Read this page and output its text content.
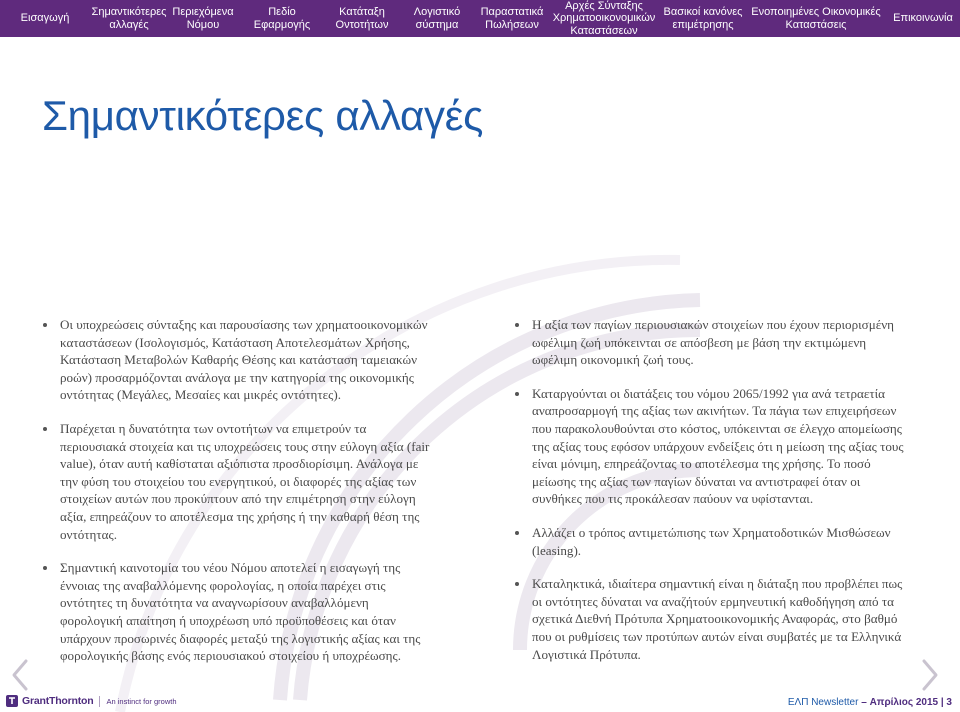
Εισαγωγή
Σημαντικότερες αλλαγές
Περιεχόμενα Νόμου
Πεδίο Εφαρμογής
Κατάταξη Οντοτήτων
Λογιστικό σύστημα
Παραστατικά Πωλήσεων
Αρχές Σύνταξης Χρηματοοικονομικών Καταστάσεων
Βασικοί κανόνες επιμέτρησης
Ενοποιημένες Οικονομικές Καταστάσεις
Επικοινωνία
Σημαντικότερες αλλαγές

Οι υποχρεώσεις σύνταξης και παρουσίασης των χρηματοοικονομικών καταστάσεων (Ισολογισμός, Κατάσταση Αποτελεσμάτων Χρήσης, Κατάσταση Μεταβολών Καθαρής Θέσης και κατάσταση ταμειακών ροών) προσαρμόζονται ανάλογα με την κατηγορία της οικονομικής οντότητας (Μεγάλες, Μεσαίες και μικρές οντότητες).

Παρέχεται η δυνατότητα των οντοτήτων να επιμετρούν τα περιουσιακά στοιχεία και τις υποχρεώσεις τους στην εύλογη αξία (fair value), όταν αυτή καθίσταται αξιόπιστα προσδιορίσιμη. Ανάλογα με την φύση του στοιχείου του ενεργητικού, οι διαφορές της αξίας των στοιχείων αυτών που προκύπτουν από την επιμέτρηση στην εύλογη αξία, επηρεάζουν το αποτέλεσμα της χρήσης ή την καθαρή θέση της οντότητας.

Σημαντική καινοτομία του νέου Νόμου αποτελεί η εισαγωγή της έννοιας της αναβαλλόμενης φορολογίας, η οποία παρέχει στις οντότητες τη δυνατότητα να αναγνωρίσουν αναβαλλόμενη φορολογική απαίτηση ή υποχρέωση υπό προϋποθέσεις και όταν υπάρχουν προσωρινές διαφορές μεταξύ της λογιστικής αξίας και της φορολογικής βάσης ενός περιουσιακού στοιχείου ή υποχρέωσης.

Η αξία των παγίων περιουσιακών στοιχείων που έχουν περιορισμένη ωφέλιμη ζωή υπόκεινται σε απόσβεση με βάση την εκτιμώμενη ωφέλιμη οικονομική ζωή τους.

Καταργούνται οι διατάξεις του νόμου 2065/1992 για ανά τετραετία αναπροσαρμογή της αξίας των ακινήτων. Τα πάγια των επιχειρήσεων που παρακολουθούνται στο κόστος, υπόκεινται σε έλεγχο απομείωσης της αξίας τους εφόσον υπάρχουν ενδείξεις ότι η μείωση της αξίας τους είναι μόνιμη, επηρεάζοντας το αποτέλεσμα της χρήσης. Το ποσό μείωσης της αξίας των παγίων δύναται να αντιστραφεί όταν οι συνθήκες που τις προκάλεσαν παύουν να υφίστανται.

Αλλάζει ο τρόπος αντιμετώπισης των Χρηματοδοτικών Μισθώσεων (leasing).

Καταληκτικά, ιδιαίτερα σημαντική είναι η διάταξη που προβλέπει πως οι οντότητες δύναται να αναζήτούν ερμηνευτική καθοδήγηση από τα σχετικά Διεθνή Πρότυπα Χρηματοοικονομικής Αναφοράς, στο βαθμό που οι ρυθμίσεις των προτύπων αυτών είναι συμβατές με τα Ελληνικά Λογιστικά Πρότυπα.

GrantThornton An instinct for growth	ΕΛΠ Newsletter – Απρίλιος 2015 | 3
